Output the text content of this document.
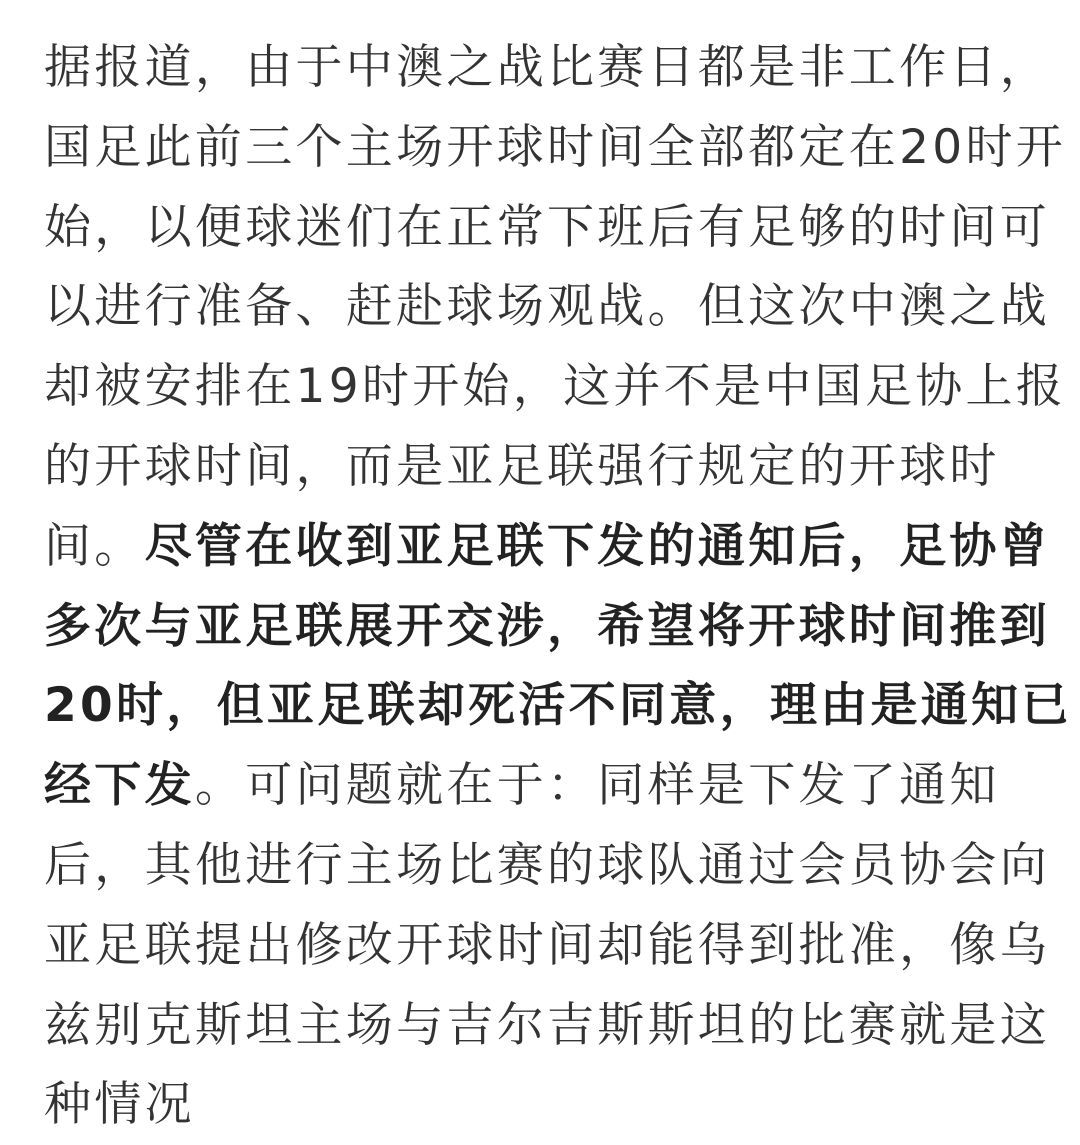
据报道，由于中澳之战比赛日都是非工作日，
国足此前三个主场开球时间全部都定在20时开
始，以便球迷们在正常下班后有足够的时间可
以进行准备、赶赴球场观战。但这次中澳之战
却被安排在19时开始，这并不是中国足协上报
的开球时间，而是亚足联强行规定的开球时
间。尽管在收到亚足联下发的通知后，足协曾
多次与亚足联展开交涉，希望将开球时间推到
20时，但亚足联却死活不同意，理由是通知已
经下发。可问题就在于：同样是下发了通知
后，其他进行主场比赛的球队通过会员协会向
亚足联提出修改开球时间却能得到批准，像乌
兹别克斯坦主场与吉尔吉斯斯坦的比赛就是这
种情况
